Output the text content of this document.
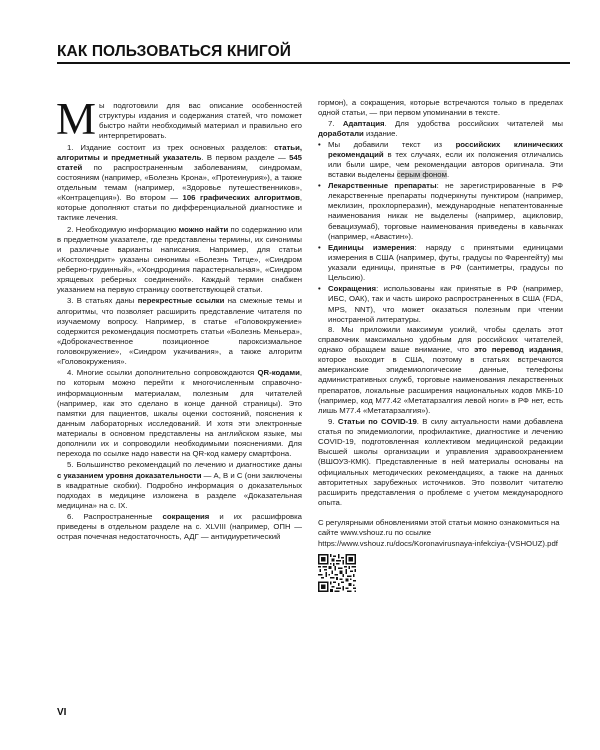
КАК ПОЛЬЗОВАТЬСЯ КНИГОЙ

Мы подготовили для вас описание особенностей структуры издания и содержания статей, что поможет быстро найти необходимый материал и правильно его интерпретировать.

1. Издание состоит из трех основных разделов: статьи, алгоритмы и предметный указатель. В первом разделе — 545 статей по распространенным заболеваниям, синдромам, состояниям (например, «Болезнь Крона», «Протеинурия»), а также отдельным темам (например, «Здоровье путешественников», «Контрацепция»). Во втором — 106 графических алгоритмов, которые дополняют статьи по дифференциальной диагностике и тактике лечения.

2. Необходимую информацию можно найти по содержанию или в предметном указателе, где представлены термины, их синонимы и различные варианты написания. Например, для статьи «Костохондрит» указаны синонимы «Болезнь Титце», «Синдром реберно-грудинный», «Хондродиния парастернальная», «Синдром хрящевых реберных соединений». Каждый термин снабжен указанием на первую страницу соответствующей статьи.

3. В статьях даны перекрестные ссылки на смежные темы и алгоритмы, что позволяет расширить представление читателя по изучаемому вопросу. Например, в статье «Головокружение» содержится рекомендация посмотреть статьи «Болезнь Меньера», «Доброкачественное позиционное пароксизмальное головокружение», «Синдром укачивания», а также алгоритм «Головокружения».

4. Многие ссылки дополнительно сопровождаются QR-кодами, по которым можно перейти к многочисленным справочно-информационным материалам, полезным для читателей (например, как это сделано в конце данной страницы). Это памятки для пациентов, шкалы оценки состояний, пояснения к данным лабораторных исследований. И хотя эти электронные материалы в основном представлены на английском языке, мы дополнили их и сопроводили необходимыми пояснениями. Для перехода по ссылке надо навести на QR-код камеру смартфона.

5. Большинство рекомендаций по лечению и диагностике даны с указанием уровня доказательности — A, B и C (они заключены в квадратные скобки). Подробно информация о доказательных подходах в медицине изложена в разделе «Доказательная медицина» на с. IX.

6. Распространенные сокращения и их расшифровка приведены в отдельном разделе на с. XLVIII (например, ОПН — острая почечная недостаточность, АДГ — антидиуретический

гормон), а сокращения, которые встречаются только в пределах одной статьи, — при первом упоминании в тексте.

7. Адаптация. Для удобства российских читателей мы доработали издание.

• Мы добавили текст из российских клинических рекомендаций в тех случаях, если их положения отличались или были шире, чем рекомендации авторов оригинала. Эти вставки выделены серым фоном.
• Лекарственные препараты: не зарегистрированные в РФ лекарственные препараты подчеркнуты пунктиром (например, меклизин, прохлорперазин), международные непатентованные наименования никак не выделены (например, ацикловир, бевацизумаб), торговые наименования приведены в кавычках (например, «Авастин»).
• Единицы измерения: наряду с принятыми единицами измерения в США (например, футы, градусы по Фаренгейту) мы указали единицы, принятые в РФ (сантиметры, градусы по Цельсию).
• Сокращения: использованы как принятые в РФ (например, ИБС, ОАК), так и часть широко распространенных в США (FDA, MPS, NNT), что может оказаться полезным при чтении иностранной литературы.

8. Мы приложили максимум усилий, чтобы сделать этот справочник максимально удобным для российских читателей, однако обращаем ваше внимание, что это перевод издания, которое выходит в США, поэтому в статьях встречаются американские эпидемиологические данные, телефоны административных служб, торговые наименования лекарственных препаратов, локальные расширения национальных кодов МКБ-10 (например, код M77.42 «Метатарзалгия левой ноги» в РФ нет, есть лишь M77.4 «Метатарзалгия»).

9. Статьи по COVID-19. В силу актуальности нами добавлена статья по эпидемиологии, профилактике, диагностике и лечению COVID-19, подготовленная коллективом медицинской редакции Высшей школы организации и управления здравоохранением (ВШОУЗ-КМК). Представленные в ней материалы основаны на официальных методических рекомендациях, а также на данных авторитетных зарубежных источников. Это позволит читателю расширить представления о проблеме с учетом международного опыта.

С регулярными обновлениями этой статьи можно ознакомиться на сайте www.vshouz.ru по ссылке

https://www.vshouz.ru/docs/Koronavirusnaya-infekciya-(VSHOUZ).pdf

VI
